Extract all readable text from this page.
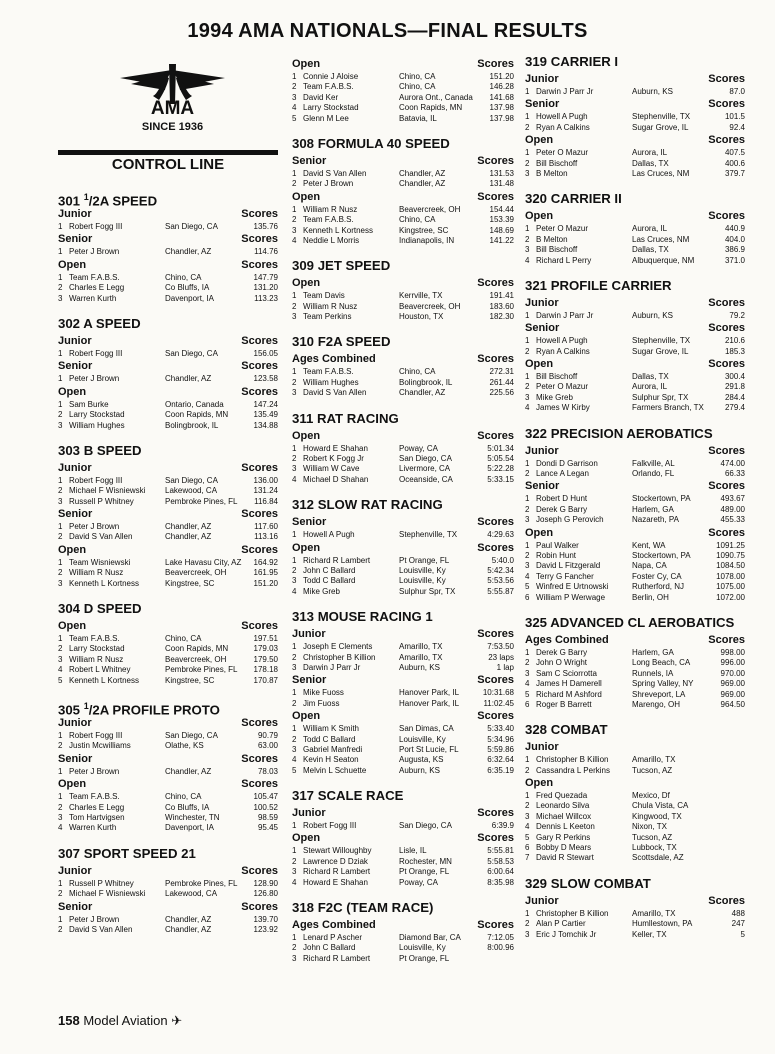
1994 AMA NATIONALS—FINAL RESULTS
AMA
SINCE 1936
CONTROL LINE
301 $^1$/2A SPEED
Junior	Scores
1 Robert Fogg III	San Diego, CA	135.76
Senior	Scores
1 Peter J Brown	Chandler, AZ	114.76
Open	Scores
1 Team F.A.B.S.	Chino, CA	147.79
2 Charles E Legg	Co Bluffs, IA	131.20
3 Warren Kurth	Davenport, IA	113.23
302 A SPEED
Junior	Scores
1 Robert Fogg III	San Diego, CA	156.05
Senior	Scores
1 Peter J Brown	Chandler, AZ	123.58
Open	Scores
1 Sam Burke	Ontario, Canada	147.24
2 Larry Stockstad	Coon Rapids, MN	135.49
3 William Hughes	Bolingbrook, IL	134.88
303 B SPEED
Junior	Scores
1 Robert Fogg III	San Diego, CA	136.00
2 Michael F Wisniewski	Lakewood, CA	131.24
3 Russell P Whitney	Pembroke Pines, FL	116.84
Senior	Scores
1 Peter J Brown	Chandler, AZ	117.60
2 David S Van Allen	Chandler, AZ	113.16
Open	Scores
1 Team Wisniewski	Lake Havasu City, AZ	164.92
2 William R Nusz	Beavercreek, OH	161.95
3 Kenneth L Kortness	Kingstree, SC	151.20
304 D SPEED
Open	Scores
1 Team F.A.B.S.	Chino, CA	197.51
2 Larry Stockstad	Coon Rapids, MN	179.03
3 William R Nusz	Beavercreek, OH	179.50
4 Robert L Whitney	Pembroke Pines, FL	178.18
5 Kenneth L Kortness	Kingstree, SC	170.87
305 $^1$/2A PROFILE PROTO
Junior	Scores
1 Robert Fogg III	San Diego, CA	90.79
2 Justin Mcwilliams	Olathe, KS	63.00
Senior	Scores
1 Peter J Brown	Chandler, AZ	78.03
Open	Scores
1 Team F.A.B.S.	Chino, CA	105.47
2 Charles E Legg	Co Bluffs, IA	100.52
3 Tom Hartvigsen	Winchester, TN	98.59
4 Warren Kurth	Davenport, IA	95.45
307 SPORT SPEED 21
Junior	Scores
1 Russell P Whitney	Pembroke Pines, FL	128.90
2 Michael F Wisniewski	Lakewood, CA	126.80
Senior	Scores
1 Peter J Brown	Chandler, AZ	139.70
2 David S Van Allen	Chandler, AZ	123.92
Open	Scores
1 Connie J Aloise	Chino, CA	151.20
2 Team F.A.B.S.	Chino, CA	146.28
3 David Ker	Aurora Ont., Canada	141.68
4 Larry Stockstad	Coon Rapids, MN	137.98
5 Glenn M Lee	Batavia, IL	137.98
308 FORMULA 40 SPEED
Senior	Scores
1 David S Van Allen	Chandler, AZ	131.53
2 Peter J Brown	Chandler, AZ	131.48
Open	Scores
1 William R Nusz	Beavercreek, OH	154.44
2 Team F.A.B.S.	Chino, CA	153.39
3 Kenneth L Kortness	Kingstree, SC	148.69
4 Neddie L Morris	Indianapolis, IN	141.22
309 JET SPEED
Open	Scores
1 Team Davis	Kerrville, TX	191.41
2 William R Nusz	Beavercreek, OH	183.60
3 Team Perkins	Houston, TX	182.30
310 F2A SPEED
Ages Combined	Scores
1 Team F.A.B.S.	Chino, CA	272.31
2 William Hughes	Bolingbrook, IL	261.44
3 David S Van Allen	Chandler, AZ	225.56
311 RAT RACING
Open	Scores
1 Howard E Shahan	Poway, CA	5:01.34
2 Robert K Fogg Jr	San Diego, CA	5:05.54
3 William W Cave	Livermore, CA	5:22.28
4 Michael D Shahan	Oceanside, CA	5:33.15
312 SLOW RAT RACING
Senior	Scores
1 Howell A Pugh	Stephenville, TX	4:29.63
Open	Scores
1 Richard R Lambert	Pt Orange, FL	5:40.0
2 John C Ballard	Louisville, Ky	5:42.34
3 Todd C Ballard	Louisville, Ky	5:53.56
4 Mike Greb	Sulphur Spr, TX	5:55.87
313 MOUSE RACING 1
Junior	Scores
1 Joseph E Clements	Amarillo, TX	7:53.50
2 Christopher B Killion	Amarillo, TX	23 laps
3 Darwin J Parr Jr	Auburn, KS	1 lap
Senior	Scores
1 Mike Fuoss	Hanover Park, IL	10:31.68
2 Jim Fuoss	Hanover Park, IL	11:02.45
Open	Scores
1 William K Smith	San Dimas, CA	5:33.40
2 Todd C Ballard	Louisville, Ky	5:34.96
3 Gabriel Manfredi	Port St Lucie, FL	5:59.86
4 Kevin H Seaton	Augusta, KS	6:32.64
5 Melvin L Schuette	Auburn, KS	6:35.19
317 SCALE RACE
Junior	Scores
1 Robert Fogg III	San Diego, CA	6:39.9
Open	Scores
1 Stewart Willoughby	Lisle, IL	5:55.81
2 Lawrence D Dziak	Rochester, MN	5:58.53
3 Richard R Lambert	Pt Orange, FL	6:00.64
4 Howard E Shahan	Poway, CA	8:35.98
318 F2C (TEAM RACE)
Ages Combined	Scores
1 Lenard P Ascher	Diamond Bar, CA	7:12.05
2 John C Ballard	Louisville, Ky	8:00.96
3 Richard R Lambert	Pt Orange, FL
319 CARRIER I
Junior	Scores
1 Darwin J Parr Jr	Auburn, KS	87.0
Senior	Scores
1 Howell A Pugh	Stephenville, TX	101.5
2 Ryan A Calkins	Sugar Grove, IL	92.4
Open	Scores
1 Peter O Mazur	Aurora, IL	407.5
2 Bill Bischoff	Dallas, TX	400.6
3 B Melton	Las Cruces, NM	379.7
320 CARRIER II
Open	Scores
1 Peter O Mazur	Aurora, IL	440.9
2 B Melton	Las Cruces, NM	404.0
3 Bill Bischoff	Dallas, TX	386.9
4 Richard L Perry	Albuquerque, NM	371.0
321 PROFILE CARRIER
Junior	Scores
1 Darwin J Parr Jr	Auburn, KS	79.2
Senior	Scores
1 Howell A Pugh	Stephenville, TX	210.6
2 Ryan A Calkins	Sugar Grove, IL	185.3
Open	Scores
1 Bill Bischoff	Dallas, TX	300.4
2 Peter O Mazur	Aurora, IL	291.8
3 Mike Greb	Sulphur Spr, TX	284.4
4 James W Kirby	Farmers Branch, TX	279.4
322 PRECISION AEROBATICS
Junior	Scores
1 Dondi D Garrison	Falkville, AL	474.00
2 Lance A Legan	Orlando, FL	66.33
Senior	Scores
1 Robert D Hunt	Stockertown, PA	493.67
2 Derek G Barry	Harlem, GA	489.00
3 Joseph G Perovich	Nazareth, PA	455.33
Open	Scores
1 Paul Walker	Kent, WA	1091.25
2 Robin Hunt	Stockertown, PA	1090.75
3 David L Fitzgerald	Napa, CA	1084.50
4 Terry G Fancher	Foster Cy, CA	1078.00
5 Winfred E Urtnowski	Rutherford, NJ	1075.00
6 William P Werwage	Berlin, OH	1072.00
325 ADVANCED CL AEROBATICS
Ages Combined	Scores
1 Derek G Barry	Harlem, GA	998.00
2 John O Wright	Long Beach, CA	996.00
3 Sam C Sciorrotta	Runnels, IA	970.00
4 James H Damerell	Spring Valley, NY	969.00
5 Richard M Ashford	Shreveport, LA	969.00
6 Roger B Barrett	Marengo, OH	964.50
328 COMBAT
Junior
1 Christopher B Killion	Amarillo, TX
2 Cassandra L Perkins	Tucson, AZ
Open
1 Fred Quezada	Mexico, Df
2 Leonardo Silva	Chula Vista, CA
3 Michael Willcox	Kingwood, TX
4 Dennis L Keeton	Nixon, TX
5 Gary R Perkins	Tucson, AZ
6 Bobby D Mears	Lubbock, TX
7 David R Stewart	Scottsdale, AZ
329 SLOW COMBAT
Junior	Scores
1 Christopher B Killion	Amarillo, TX	488
2 Alan P Cartier	Humllestown, PA	247
3 Eric J Tomchik Jr	Keller, TX	5
158 Model Aviation ✈
